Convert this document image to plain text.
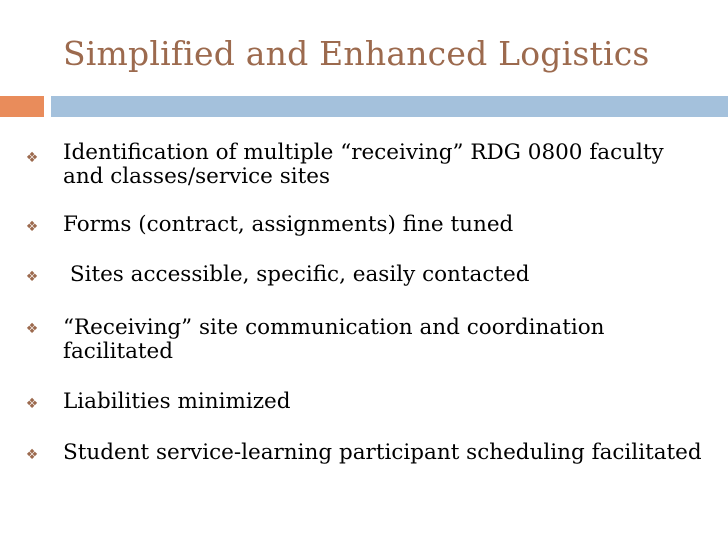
Simplified and Enhanced Logistics
❖ Identification of multiple “receiving” RDG 0800 faculty and classes/service sites
❖ Forms (contract, assignments) fine tuned
❖ Sites accessible, specific, easily contacted
❖ “Receiving” site communication and coordination facilitated
❖ Liabilities minimized
❖ Student service-learning participant scheduling facilitated
